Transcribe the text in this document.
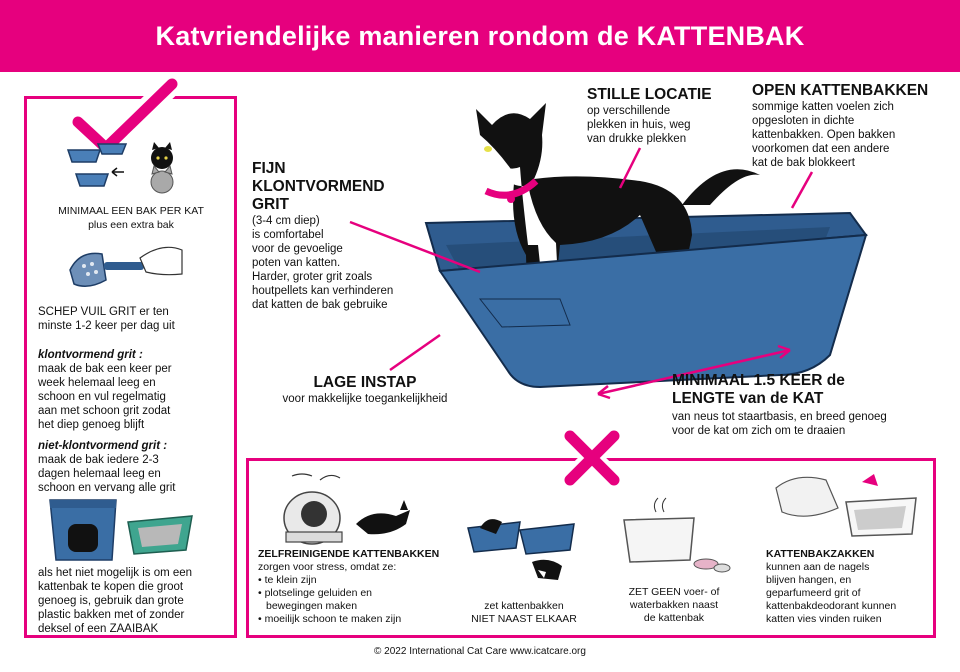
Katvriendelijke manieren rondom de KATTENBAK
MINIMAAL EEN BAK PER KAT
plus een extra bak
SCHEP VUIL GRIT er ten
minste 1-2 keer per dag uit
klontvormend grit :
maak de bak een keer per
week helemaal leeg en
schoon en vul regelmatig
aan met schoon grit zodat
het diep genoeg blijft
niet-klontvormend grit :
maak de bak iedere 2-3
dagen helemaal leeg en
schoon en vervang alle grit
als het niet mogelijk is om een
kattenbak te kopen die groot
genoeg is, gebruik dan grote
plastic bakken met of zonder
deksel of een ZAAIBAK
FIJN
KLONTVORMEND
GRIT
(3-4 cm diep)
is comfortabel
voor de gevoelige
poten van katten.
Harder, groter grit zoals
houtpellets kan verhinderen
dat katten de bak gebruike
STILLE LOCATIE
op verschillende
plekken in huis, weg
van drukke plekken
OPEN KATTENBAKKEN
sommige katten voelen zich
opgesloten in dichte
kattenbakken. Open bakken
voorkomen dat een andere
kat de bak blokkeert
LAGE INSTAP
voor makkelijke toegankelijkheid
MINIMAAL 1.5 KEER de
LENGTE van de KAT
van neus tot staartbasis, en breed genoeg
voor de kat om zich om te draaien
ZELFREINIGENDE KATTENBAKKEN
zorgen voor stress, omdat ze:
• te klein zijn
• plotselinge geluiden en
bewegingen maken
• moeilijk schoon te maken zijn
zet kattenbakken
NIET NAAST ELKAAR
ZET GEEN voer- of
waterbakken naast
de kattenbak
KATTENBAKZAKKEN
kunnen aan de nagels
blijven hangen, en
geparfumeerd grit of
kattenbakdeodorant kunnen
katten vies vinden ruiken
© 2022 International Cat Care www.icatcare.org
